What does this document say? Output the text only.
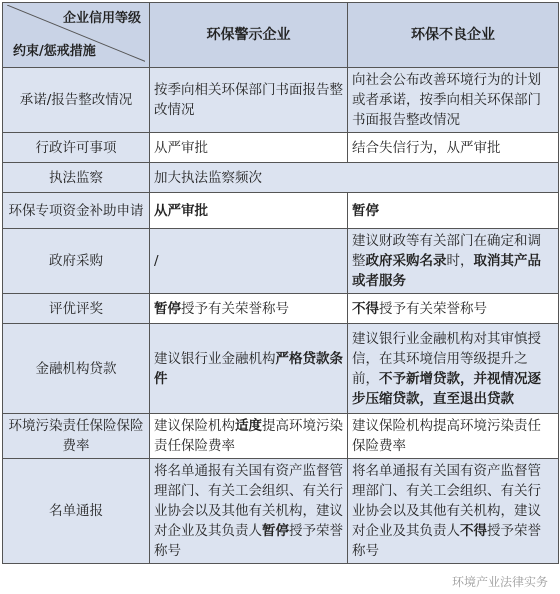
企业信用等级
约束/惩戒措施	环保警示企业	环保不良企业
承诺/报告整改情况	按季向相关环保部门书面报告整改情况	向社会公布改善环境行为的计划或者承诺，按季向相关环保部门书面报告整改情况
行政许可事项	从严审批	结合失信行为，从严审批
执法监察	加大执法监察频次	
环保专项资金补助申请	从严审批	暂停
政府采购	/	建议财政等有关部门在确定和调整政府采购名录时，取消其产品或者服务
评优评奖	暂停授予有关荣誉称号	不得授予有关荣誉称号
金融机构贷款	建议银行业金融机构严格贷款条件	建议银行业金融机构对其审慎授信，在其环境信用等级提升之前，不予新增贷款，并视情况逐步压缩贷款，直至退出贷款
环境污染责任保险保险费率	建议保险机构适度提高环境污染责任保险费率	建议保险机构提高环境污染责任保险费率
名单通报	将名单通报有关国有资产监督管理部门、有关工会组织、有关行业协会以及其他有关机构，建议对企业及其负责人暂停授予荣誉称号	将名单通报有关国有资产监督管理部门、有关工会组织、有关行业协会以及其他有关机构，建议对企业及其负责人不得授予荣誉称号
环境产业法律实务
